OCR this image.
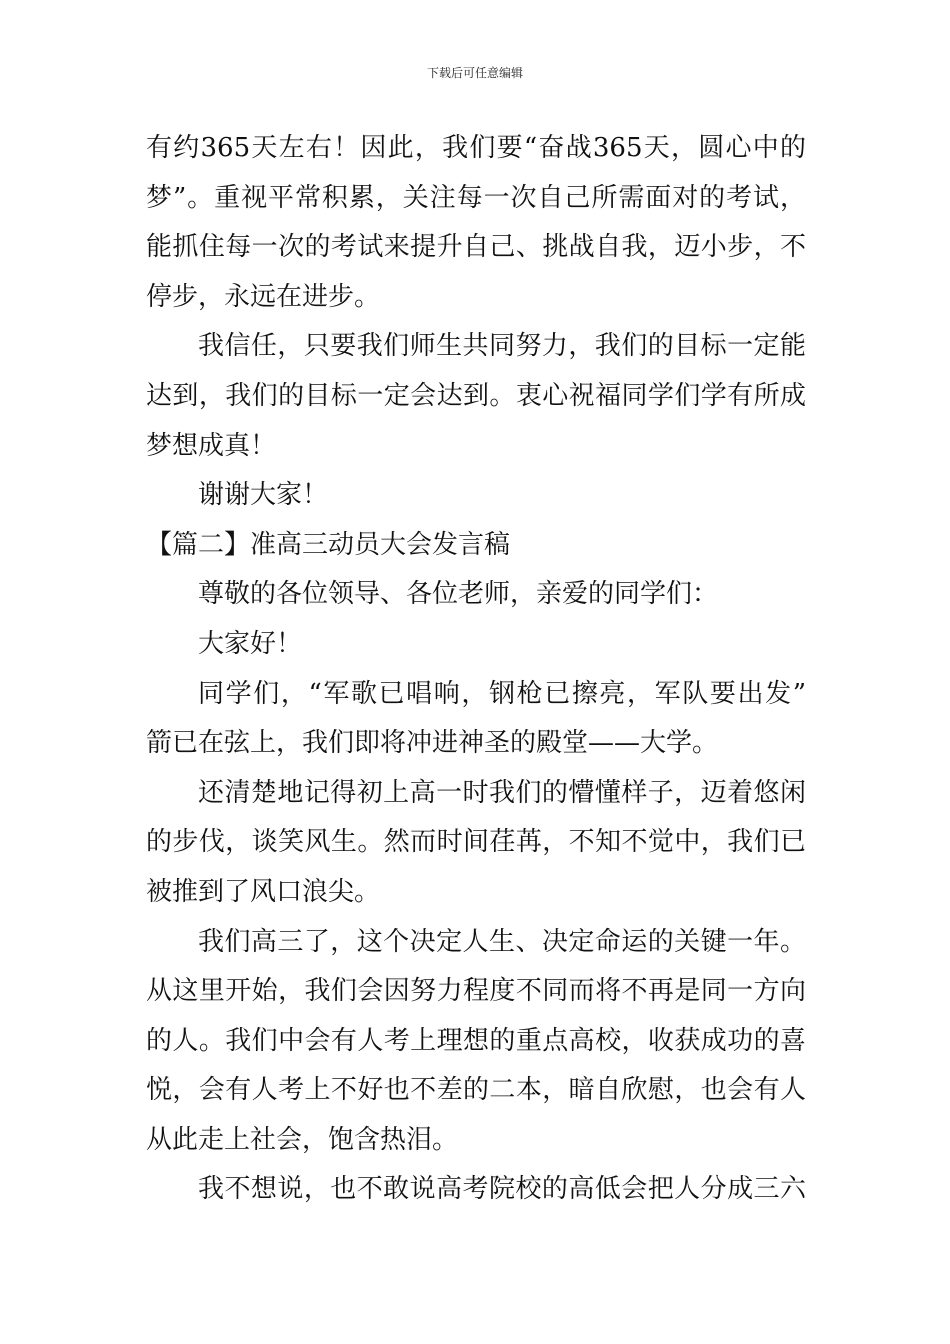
下载后可任意编辑
有约365天左右！因此，我们要“奋战365天，圆心中的
梦”。重视平常积累，关注每一次自己所需面对的考试，
能抓住每一次的考试来提升自己、挑战自我，迈小步，不
停步，永远在进步。
我信任，只要我们师生共同努力，我们的目标一定能
达到，我们的目标一定会达到。衷心祝福同学们学有所成
梦想成真！
谢谢大家！
【篇二】准高三动员大会发言稿
尊敬的各位领导、各位老师，亲爱的同学们：
大家好！
同学们，“军歌已唱响，钢枪已擦亮，军队要出发”
箭已在弦上，我们即将冲进神圣的殿堂——大学。
还清楚地记得初上高一时我们的懵懂样子，迈着悠闲
的步伐，谈笑风生。然而时间荏苒，不知不觉中，我们已
被推到了风口浪尖。
我们高三了，这个决定人生、决定命运的关键一年。
从这里开始，我们会因努力程度不同而将不再是同一方向
的人。我们中会有人考上理想的重点高校，收获成功的喜
悦，会有人考上不好也不差的二本，暗自欣慰，也会有人
从此走上社会，饱含热泪。
我不想说，也不敢说高考院校的高低会把人分成三六
